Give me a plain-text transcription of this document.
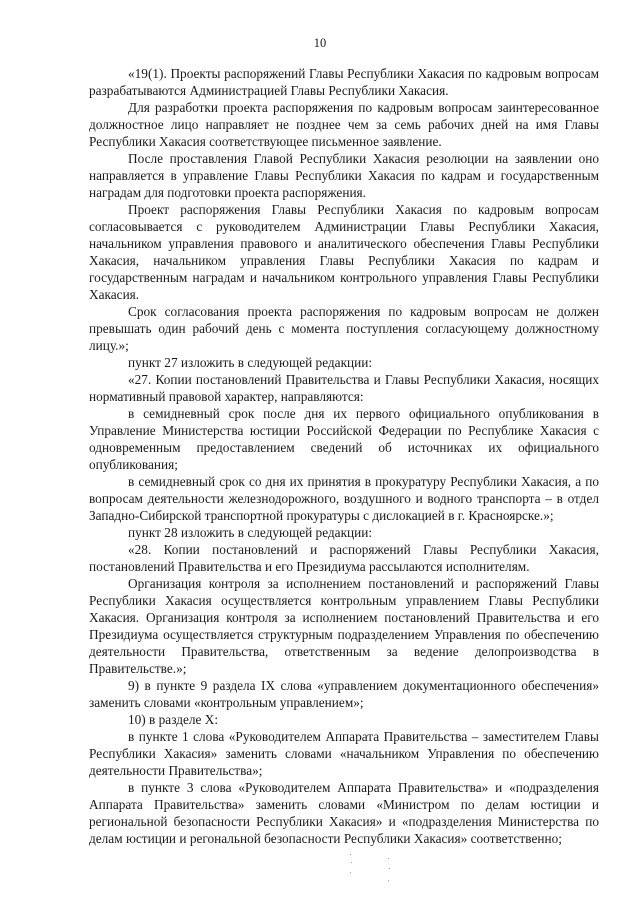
10

«19(1). Проекты распоряжений Главы Республики Хакасия по кадровым вопросам разрабатываются Администрацией Главы Республики Хакасия.

Для разработки проекта распоряжения по кадровым вопросам заинтересованное должностное лицо направляет не позднее чем за семь рабочих дней на имя Главы Республики Хакасия соответствующее письменное заявление.

После проставления Главой Республики Хакасия резолюции на заявлении оно направляется в управление Главы Республики Хакасия по кадрам и государственным наградам для подготовки проекта распоряжения.

Проект распоряжения Главы Республики Хакасия по кадровым вопросам согласовывается с руководителем Администрации Главы Республики Хакасия, начальником управления правового и аналитического обеспечения Главы Республики Хакасия, начальником управления Главы Республики Хакасия по кадрам и государственным наградам и начальником контрольного управления Главы Республики Хакасия.

Срок согласования проекта распоряжения по кадровым вопросам не должен превышать один рабочий день с момента поступления согласующему должностному лицу.»;

пункт 27 изложить в следующей редакции:

«27. Копии постановлений Правительства и Главы Республики Хакасия, носящих нормативный правовой характер, направляются:

в семидневный срок после дня их первого официального опубликования в Управление Министерства юстиции Российской Федерации по Республике Хакасия с одновременным предоставлением сведений об источниках их официального опубликования;

в семидневный срок со дня их принятия в прокуратуру Республики Хакасия, а по вопросам деятельности железнодорожного, воздушного и водного транспорта – в отдел Западно-Сибирской транспортной прокуратуры с дислокацией в г. Красноярске.»;

пункт 28 изложить в следующей редакции:

«28. Копии постановлений и распоряжений Главы Республики Хакасия, постановлений Правительства и его Президиума рассылаются исполнителям.

Организация контроля за исполнением постановлений и распоряжений Главы Республики Хакасия осуществляется контрольным управлением Главы Республики Хакасия. Организация контроля за исполнением постановлений Правительства и его Президиума осуществляется структурным подразделением Управления по обеспечению деятельности Правительства, ответственным за ведение делопроизводства в Правительстве.»;

9) в пункте 9 раздела IX слова «управлением документационного обеспечения» заменить словами «контрольным управлением»;

10) в разделе X:

в пункте 1 слова «Руководителем Аппарата Правительства – заместителем Главы Республики Хакасия» заменить словами «начальником Управления по обеспечению деятельности Правительства»;

в пункте 3 слова «Руководителем Аппарата Правительства» и «подразделения Аппарата Правительства» заменить словами «Министром по делам юстиции и региональной безопасности Республики Хакасия» и «подразделения Министерства по делам юстиции и регональной безопасности Республики Хакасия» соответственно;
